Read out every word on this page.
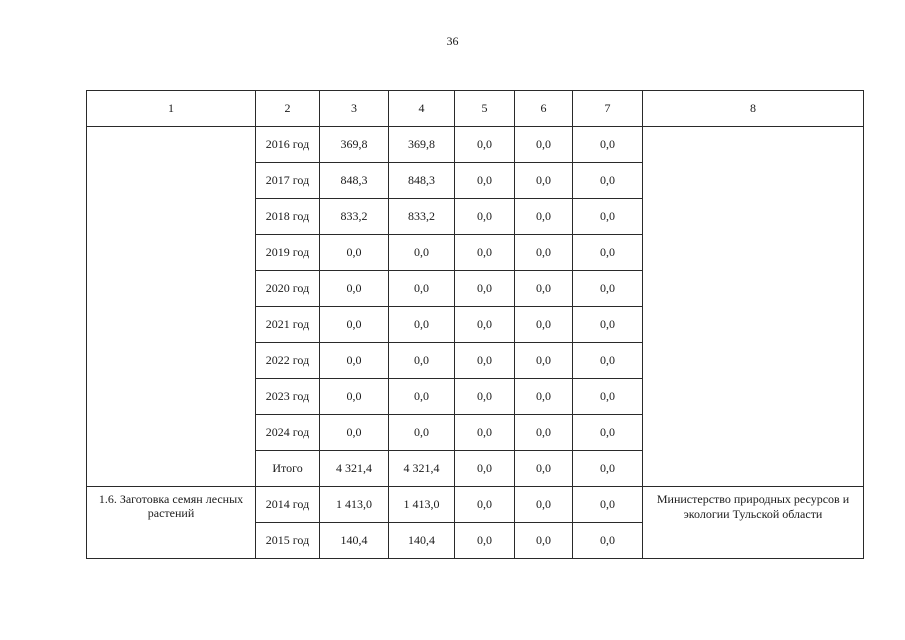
36
1	2	3	4	5	6	7	8
	2016 год	369,8	369,8	0,0	0,0	0,0	
	2017 год	848,3	848,3	0,0	0,0	0,0	
	2018 год	833,2	833,2	0,0	0,0	0,0	
	2019 год	0,0	0,0	0,0	0,0	0,0	
	2020 год	0,0	0,0	0,0	0,0	0,0	
	2021 год	0,0	0,0	0,0	0,0	0,0	
	2022 год	0,0	0,0	0,0	0,0	0,0	
	2023 год	0,0	0,0	0,0	0,0	0,0	
	2024 год	0,0	0,0	0,0	0,0	0,0	
	Итого	4 321,4	4 321,4	0,0	0,0	0,0	
1.6. Заготовка семян лесных растений	2014 год	1 413,0	1 413,0	0,0	0,0	0,0	Министерство природных ресурсов и экологии Тульской области
	2015 год	140,4	140,4	0,0	0,0	0,0	
